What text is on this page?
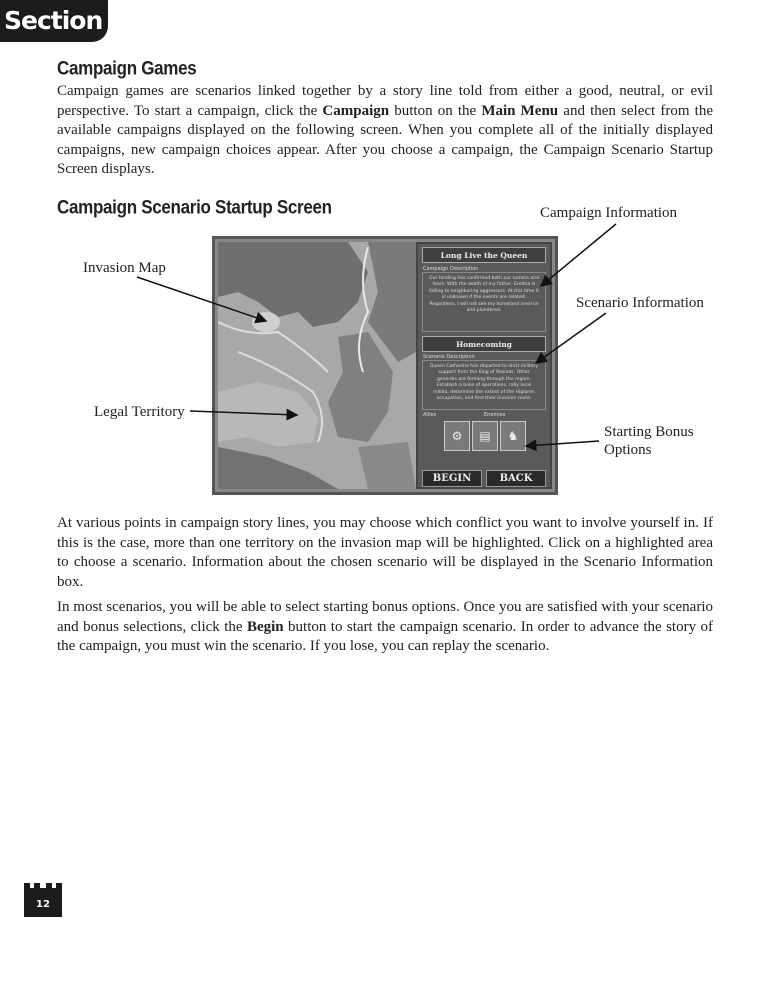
Section II	Campaign Games

Campaign games are scenarios linked together by a story line told from either a good, neutral, or evil perspective. To start a campaign, click the Campaign button on the Main Menu and then select from the available campaigns displayed on the following screen. When you complete all of the initially displayed campaigns, new campaign choices appear. After you choose a campaign, the Campaign Scenario Startup Screen displays.

Campaign Scenario Startup Screen	Campaign Information
Invasion Map
Scenario Information
Legal Territory
Starting Bonus
Options
Long Live the Queen
Campaign Description
Our landing has confirmed both our rumors and fears. With the death of my father, Erethia is falling to neighboring aggressors. At this time it is unknown if the events are related. Regardless, I will not see my homeland overrun and plundered.
Homecoming
Scenario Description
Queen Catherine has departed to elicit military support from the King of Rosiads. Other generals are forming through the region. Establish a base of operations, rally local militia, determine the extent of the Higlaren occupation, and find their invasion route.
Allies	Enemies
⚙	▤	♞
BEGIN	BACK

At various points in campaign story lines, you may choose which conflict you want to involve yourself in. If this is the case, more than one territory on the invasion map will be highlighted. Click on a highlighted area to choose a scenario. Information about the chosen scenario will be displayed in the Scenario Information box.

In most scenarios, you will be able to select starting bonus options. Once you are satisfied with your scenario and bonus selections, click the Begin button to start the campaign scenario. In order to advance the story of the campaign, you must win the scenario. If you lose, you can replay the scenario.

12
